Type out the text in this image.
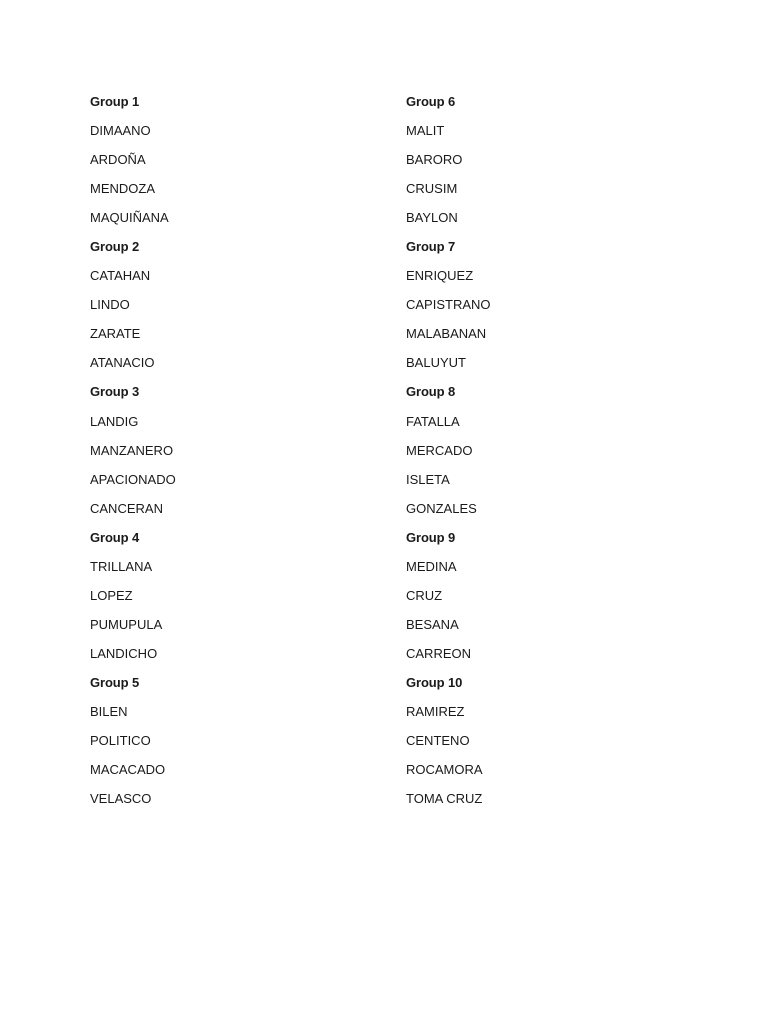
Group 1
DIMAANO
ARDOÑA
MENDOZA
MAQUIÑANA
Group 2
CATAHAN
LINDO
ZARATE
ATANACIO
Group 3
LANDIG
MANZANERO
APACIONADO
CANCERAN
Group 4
TRILLANA
LOPEZ
PUMUPULA
LANDICHO
Group 5
BILEN
POLITICO
MACACADO
VELASCO
Group 6
MALIT
BARORO
CRUSIM
BAYLON
Group 7
ENRIQUEZ
CAPISTRANO
MALABANAN
BALUYUT
Group 8
FATALLA
MERCADO
ISLETA
GONZALES
Group 9
MEDINA
CRUZ
BESANA
CARREON
Group 10
RAMIREZ
CENTENO
ROCAMORA
TOMA CRUZ
